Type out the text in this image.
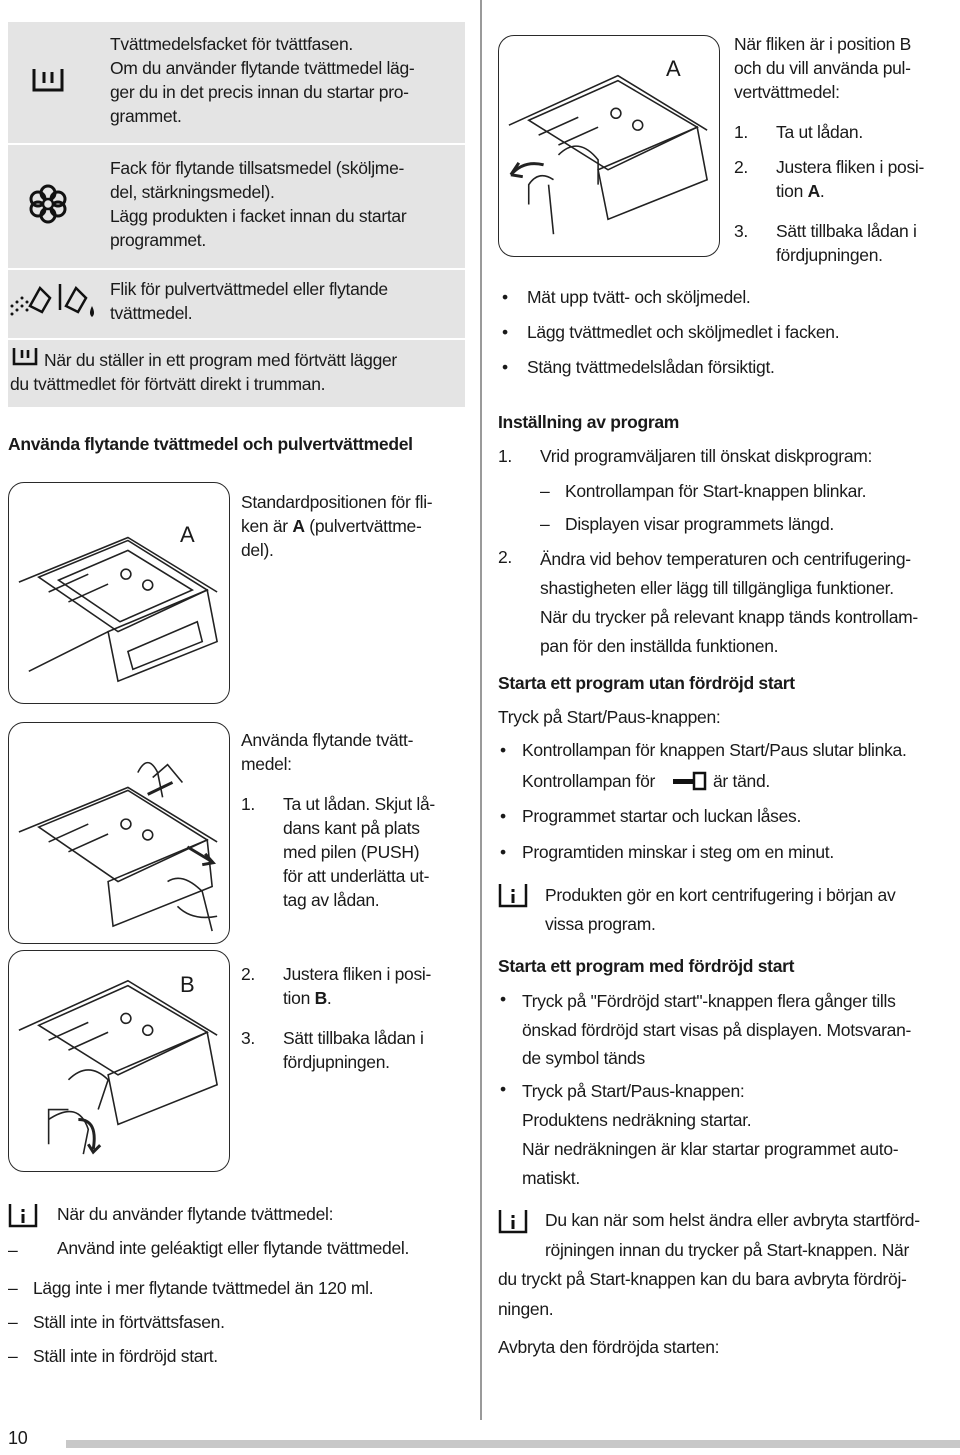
Tvättmedelsfacket för tvättfasen.
Om du använder flytande tvättmedel läg-
ger du in det precis innan du startar pro-
grammet.
Fack för flytande tillsatsmedel (sköljme-
del, stärkningsmedel).
Lägg produkten i facket innan du startar
programmet.
Flik för pulvertvättmedel eller flytande
tvättmedel.
När du ställer in ett program med förtvätt lägger
du tvättmedlet för förtvätt direkt i trumman.
Använda flytande tvättmedel och pulvertvättmedel
A
Standardpositionen för fli-
ken är A (pulvertvättme-
del).
Använda flytande tvätt-
medel:
1. Ta ut lådan. Skjut lå-
dans kant på plats
med pilen (PUSH)
för att underlätta ut-
tag av lådan.
B	2. Justera fliken i posi-
tion B.
3. Sätt tillbaka lådan i
fördjupningen.
När du använder flytande tvättmedel:
– Använd inte geléaktigt eller flytande tvättmedel.
– Lägg inte i mer flytande tvättmedel än 120 ml.
– Ställ inte in förtvättsfasen.
– Ställ inte in fördröjd start.
10
A
När fliken är i position B
och du vill använda pul-
vertvättmedel:
1. Ta ut lådan.
2. Justera fliken i posi-
tion A.
3. Sätt tillbaka lådan i
fördjupningen.
• Mät upp tvätt- och sköljmedel.
• Lägg tvättmedlet och sköljmedlet i facken.
• Stäng tvättmedelslådan försiktigt.
Inställning av program
1. Vrid programväljaren till önskat diskprogram:
– Kontrollampan för Start-knappen blinkar.
– Displayen visar programmets längd.
2. Ändra vid behov temperaturen och centrifugering-
shastigheten eller lägg till tillgängliga funktioner.
När du trycker på relevant knapp tänds kontrollam-
pan för den inställda funktionen.
Starta ett program utan fördröjd start
Tryck på Start/Paus-knappen:
• Kontrollampan för knappen Start/Paus slutar blinka.
Kontrollampan för	är tänd.
• Programmet startar och luckan låses.
• Programtiden minskar i steg om en minut.
Produkten gör en kort centrifugering i början av
vissa program.
Starta ett program med fördröjd start
• Tryck på "Fördröjd start"-knappen flera gånger tills
önskad fördröjd start visas på displayen. Motsvaran-
de symbol tänds
• Tryck på Start/Paus-knappen:
Produktens nedräkning startar.
När nedräkningen är klar startar programmet auto-
matiskt.
Du kan när som helst ändra eller avbryta startförd-
röjningen innan du trycker på Start-knappen. När
du tryckt på Start-knappen kan du bara avbryta fördröj-
ningen.
Avbryta den fördröjda starten:
